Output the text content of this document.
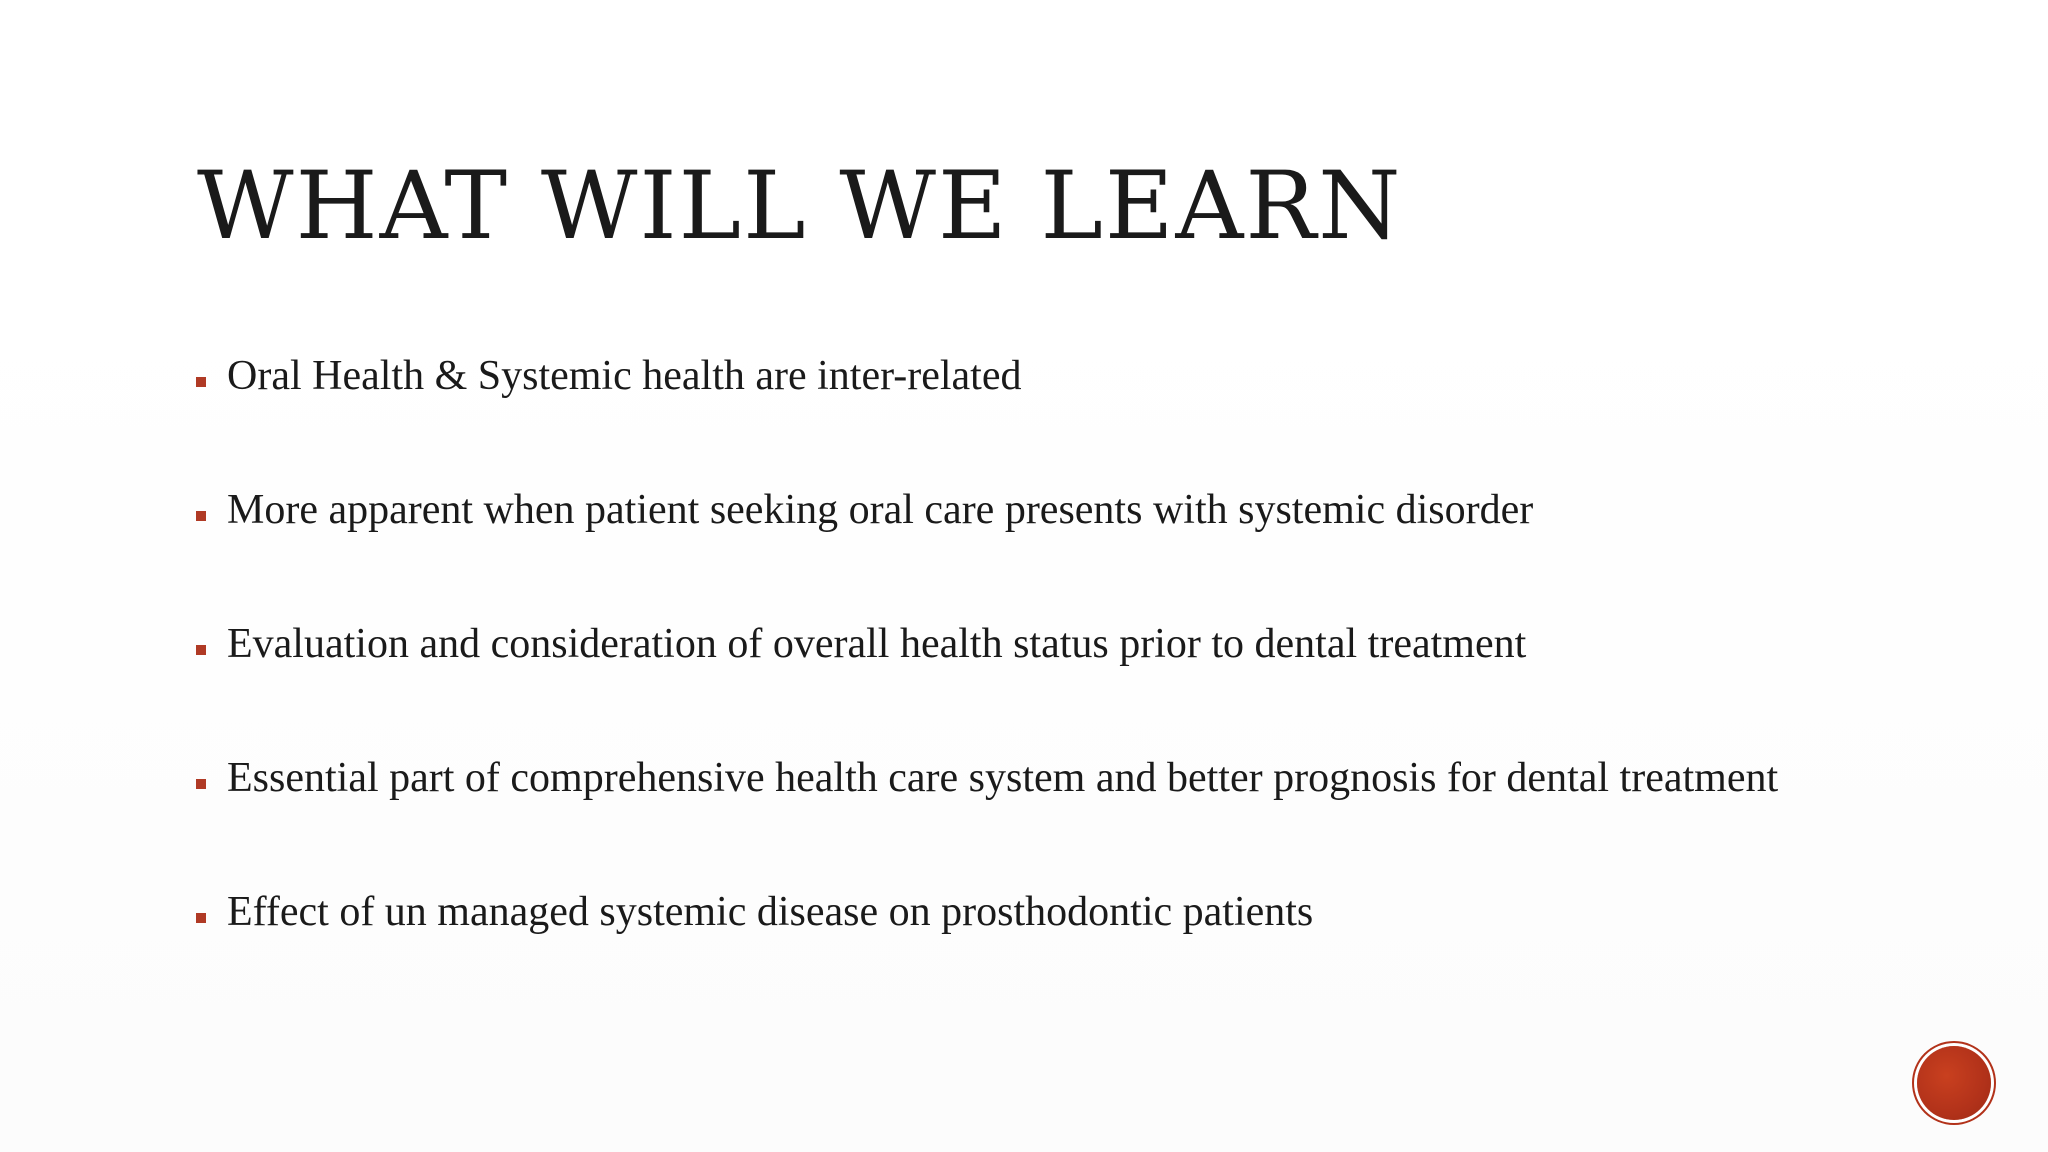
WHAT WILL WE LEARN
Oral Health & Systemic health are inter-related
More apparent when patient seeking oral care presents with systemic disorder
Evaluation and consideration of overall health status prior to dental treatment
Essential part of comprehensive health care system and better prognosis for dental treatment
Effect of un managed systemic disease on prosthodontic patients
